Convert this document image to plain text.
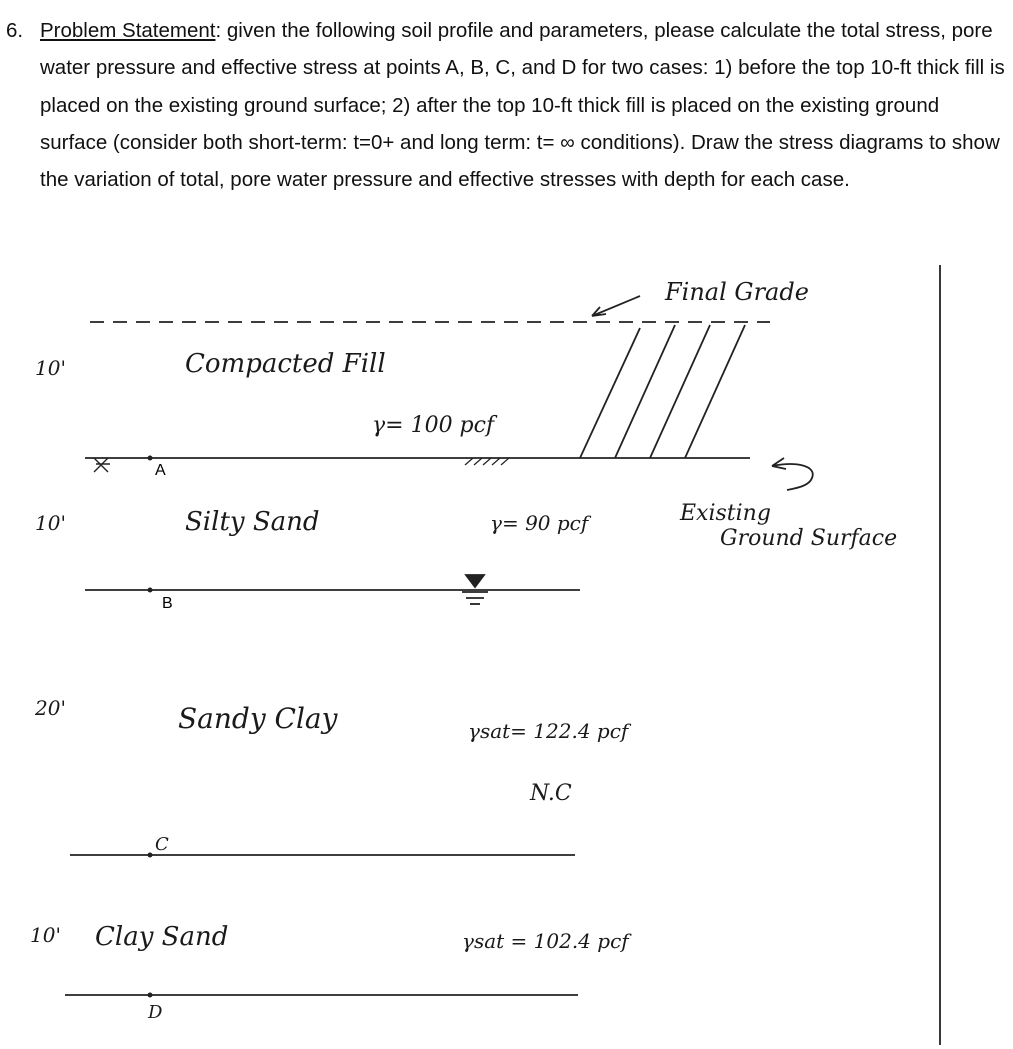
6. Problem Statement: given the following soil profile and parameters, please calculate the total stress, pore water pressure and effective stress at points A, B, C, and D for two cases: 1) before the top 10-ft thick fill is placed on the existing ground surface; 2) after the top 10-ft thick fill is placed on the existing ground surface (consider both short-term: t=0+ and long term: t= ∞ conditions). Draw the stress diagrams to show the variation of total, pore water pressure and effective stresses with depth for each case.

Final Grade
Existing
Ground Surface
10'	Compacted Fill
γ= 100 pcf
A
10'	Silty Sand	γ= 90 pcf
B
20'	Sandy Clay	γsat= 122.4 pcf
N.C
C
10' Clay Sand	γsat = 102.4 pcf
D
